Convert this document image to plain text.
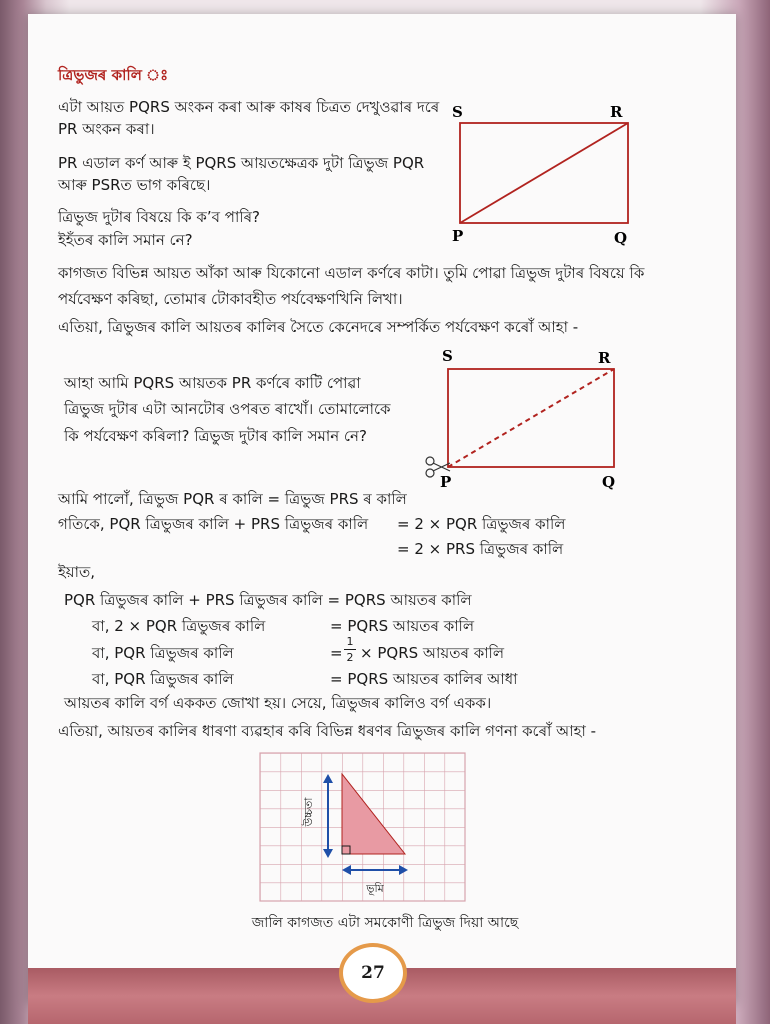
ত্ৰিভুজৰ কালি ঃ
এটা আয়ত PQRS অংকন কৰা আৰু কাষৰ চিত্ৰত দেখুওৱাৰ দৰে
PR অংকন কৰা।
PR এডাল কৰ্ণ আৰু ই PQRS আয়তক্ষেত্ৰক দুটা ত্ৰিভুজ PQR
আৰু PSRত ভাগ কৰিছে।
ত্ৰিভুজ দুটাৰ বিষয়ে কি ক’ব পাৰি?
ইহঁতৰ কালি সমান নে?
S	R
P	Q
কাগজত বিভিন্ন আয়ত আঁকা আৰু যিকোনো এডাল কৰ্ণৰে কাটা। তুমি পোৱা ত্ৰিভুজ দুটাৰ বিষয়ে কি
পৰ্যবেক্ষণ কৰিছা, তোমাৰ টোকাবহীত পৰ্যবেক্ষণখিনি লিখা।
এতিয়া, ত্ৰিভুজৰ কালি আয়তৰ কালিৰ সৈতে কেনেদৰে সম্পৰ্কিত পৰ্যবেক্ষণ কৰোঁ আহা -
S	R
P	Q
আহা আমি PQRS আয়তক PR কৰ্ণৰে কাটি পোৱা
ত্ৰিভুজ দুটাৰ এটা আনটোৰ ওপৰত ৰাখোঁ। তোমালোকে
কি পৰ্যবেক্ষণ কৰিলা? ত্ৰিভুজ দুটাৰ কালি সমান নে?
আমি পালোঁ, ত্ৰিভুজ PQR ৰ কালি = ত্ৰিভুজ PRS ৰ কালি
গতিকে, PQR ত্ৰিভুজৰ কালি + PRS ত্ৰিভুজৰ কালি = 2 × PQR ত্ৰিভুজৰ কালি
= 2 × PRS ত্ৰিভুজৰ কালি
ইয়াত,
PQR ত্ৰিভুজৰ কালি + PRS ত্ৰিভুজৰ কালি = PQRS আয়তৰ কালি
বা, 2 × PQR ত্ৰিভুজৰ কালি	= PQRS আয়তৰ কালি
বা, PQR ত্ৰিভুজৰ কালি	=
1
2 × PQRS আয়তৰ কালি
বা, PQR ত্ৰিভুজৰ কালি	= PQRS আয়তৰ কালিৰ আধা
আয়তৰ কালি বৰ্গ এককত জোখা হয়। সেয়ে, ত্ৰিভুজৰ কালিও বৰ্গ একক।
এতিয়া, আয়তৰ কালিৰ ধাৰণা ব্যৱহাৰ কৰি বিভিন্ন ধৰণৰ ত্ৰিভুজৰ কালি গণনা কৰোঁ আহা -
উচ্চতা
ভূমি
জালি কাগজত এটা সমকোণী ত্ৰিভুজ দিয়া আছে
27
